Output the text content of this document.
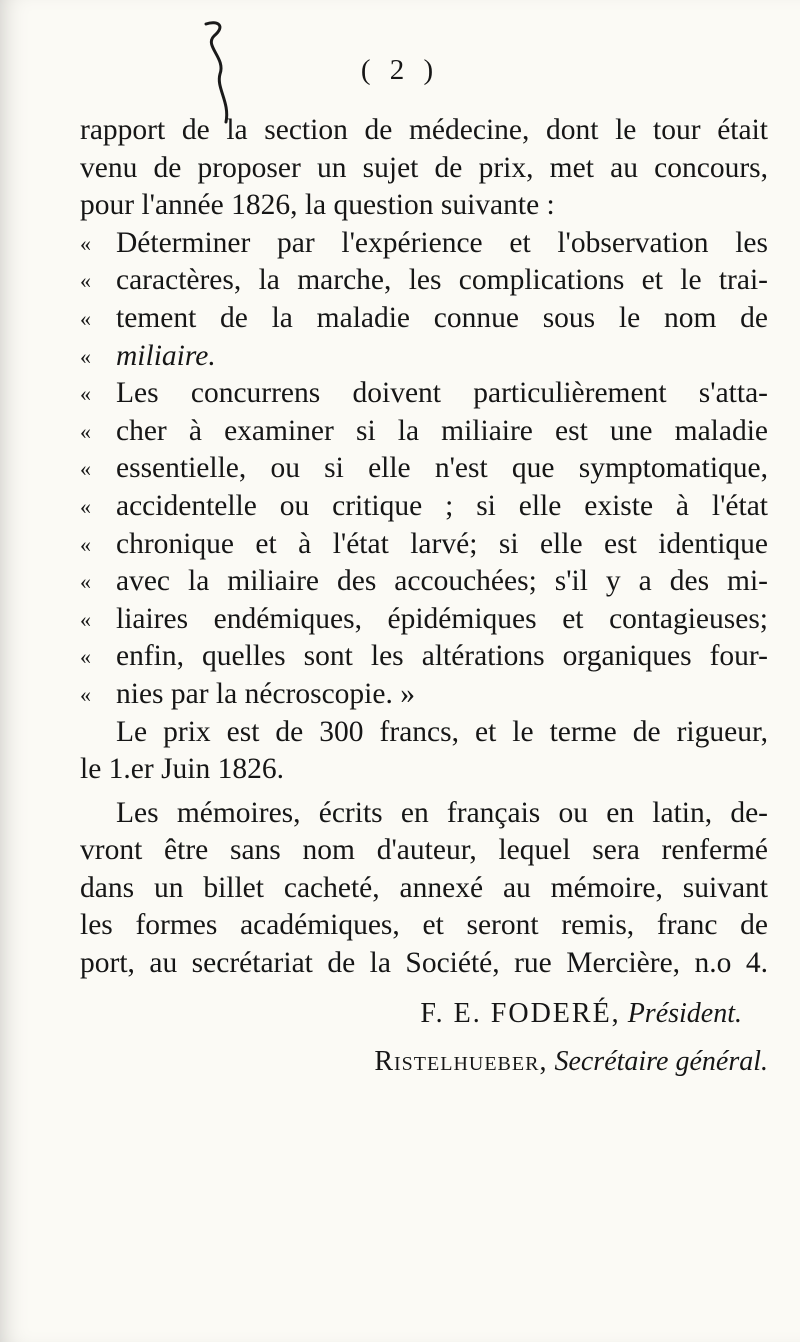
( 2 )
rapport de la section de médecine, dont le tour était
venu de proposer un sujet de prix, met au concours,
pour l'année 1826, la question suivante :
« Déterminer par l'expérience et l'observation les
« caractères, la marche, les complications et le trai-
« tement de la maladie connue sous le nom de
« miliaire.
« Les concurrens doivent particulièrement s'atta-
« cher à examiner si la miliaire est une maladie
« essentielle, ou si elle n'est que symptomatique,
« accidentelle ou critique ; si elle existe à l'état
« chronique et à l'état larvé; si elle est identique
« avec la miliaire des accouchées; s'il y a des mi-
« liaires endémiques, épidémiques et contagieuses;
« enfin, quelles sont les altérations organiques four-
« nies par la nécroscopie. »
Le prix est de 300 francs, et le terme de rigueur,
le 1.er Juin 1826.
Les mémoires, écrits en français ou en latin, de-
vront être sans nom d'auteur, lequel sera renfermé
dans un billet cacheté, annexé au mémoire, suivant
les formes académiques, et seront remis, franc de
port, au secrétariat de la Société, rue Mercière, n.o 4.
F. E. FODERÉ, Président.
Ristelhueber, Secrétaire général.
